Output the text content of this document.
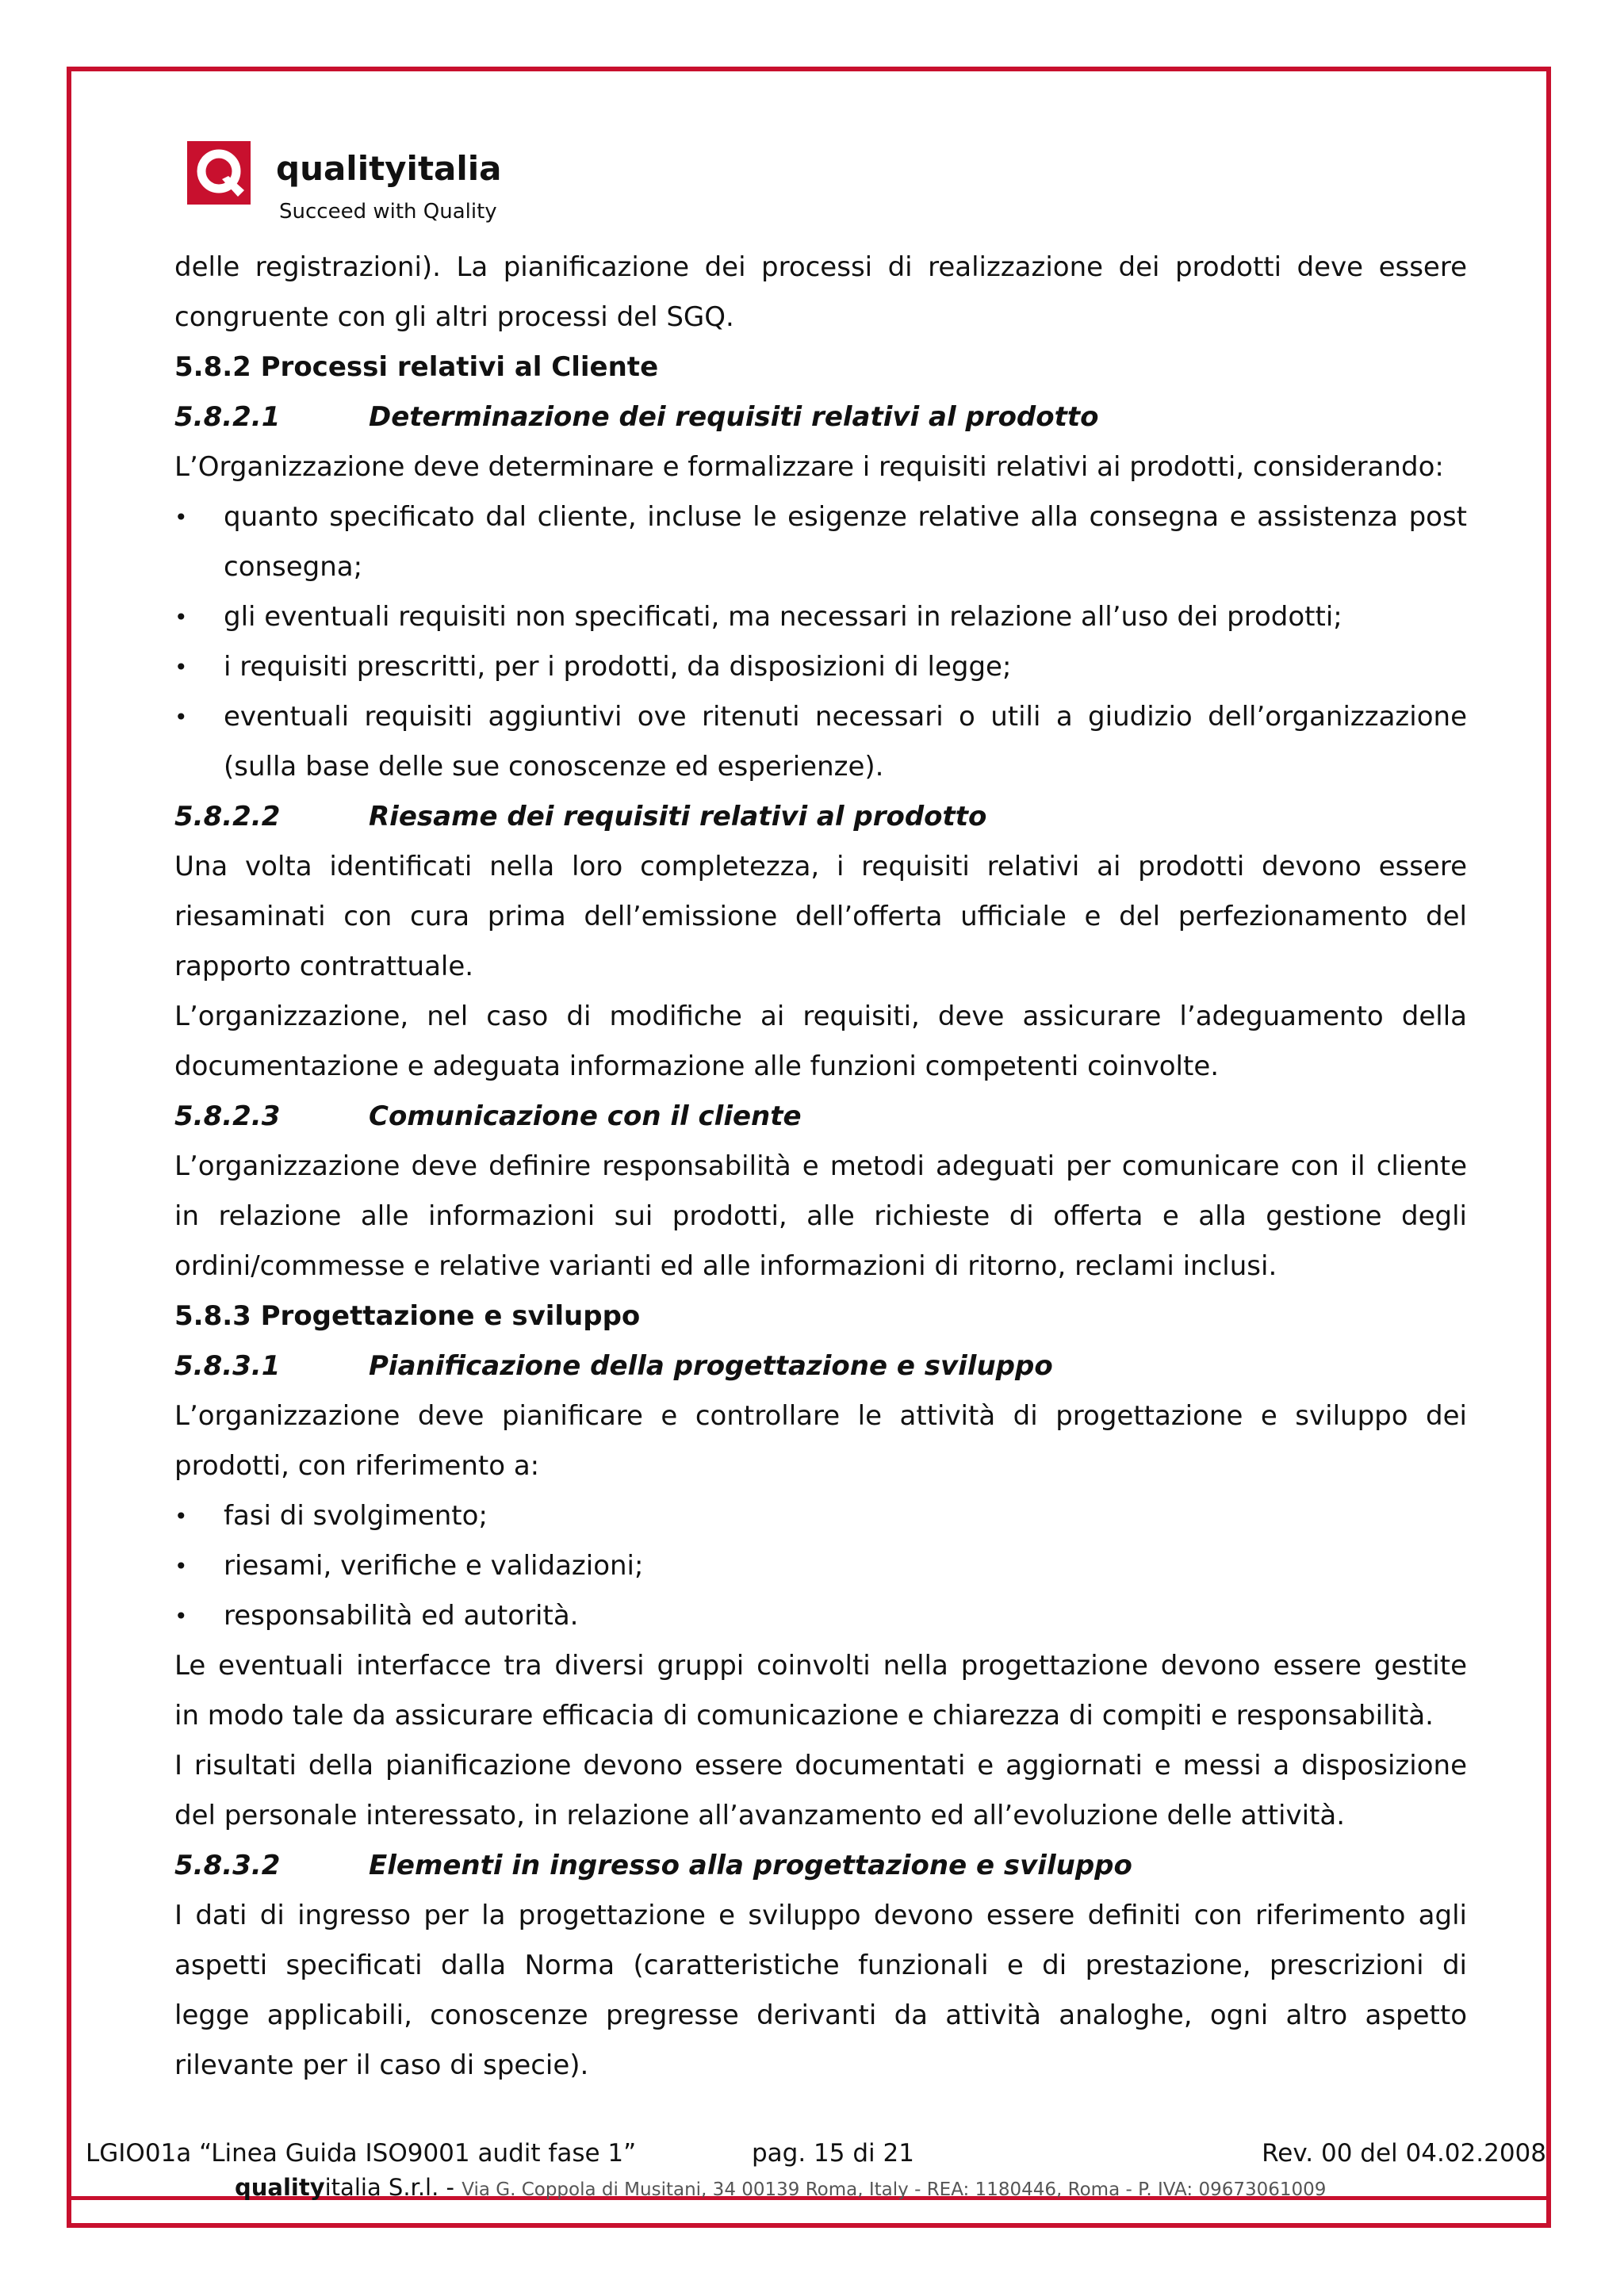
qualityitalia
Succeed with Quality
delle registrazioni). La pianificazione dei processi di realizzazione dei prodotti deve essere
congruente con gli altri processi del SGQ.
5.8.2 Processi relativi al Cliente
5.8.2.1	Determinazione dei requisiti relativi al prodotto
L’Organizzazione deve determinare e formalizzare i requisiti relativi ai prodotti, considerando:
• quanto specificato dal cliente, incluse le esigenze relative alla consegna e assistenza post
consegna;
• gli eventuali requisiti non specificati, ma necessari in relazione all’uso dei prodotti;
• i requisiti prescritti, per i prodotti, da disposizioni di legge;
• eventuali requisiti aggiuntivi ove ritenuti necessari o utili a giudizio dell’organizzazione
(sulla base delle sue conoscenze ed esperienze).
5.8.2.2	Riesame dei requisiti relativi al prodotto
Una volta identificati nella loro completezza, i requisiti relativi ai prodotti devono essere
riesaminati con cura prima dell’emissione dell’offerta ufficiale e del perfezionamento del
rapporto contrattuale.
L’organizzazione, nel caso di modifiche ai requisiti, deve assicurare l’adeguamento della
documentazione e adeguata informazione alle funzioni competenti coinvolte.
5.8.2.3	Comunicazione con il cliente
L’organizzazione deve definire responsabilità e metodi adeguati per comunicare con il cliente
in relazione alle informazioni sui prodotti, alle richieste di offerta e alla gestione degli
ordini/commesse e relative varianti ed alle informazioni di ritorno, reclami inclusi.
5.8.3 Progettazione e sviluppo
5.8.3.1	Pianificazione della progettazione e sviluppo
L’organizzazione deve pianificare e controllare le attività di progettazione e sviluppo dei
prodotti, con riferimento a:
• fasi di svolgimento;
• riesami, verifiche e validazioni;
• responsabilità ed autorità.
Le eventuali interfacce tra diversi gruppi coinvolti nella progettazione devono essere gestite
in modo tale da assicurare efficacia di comunicazione e chiarezza di compiti e responsabilità.
I risultati della pianificazione devono essere documentati e aggiornati e messi a disposizione
del personale interessato, in relazione all’avanzamento ed all’evoluzione delle attività.
5.8.3.2	Elementi in ingresso alla progettazione e sviluppo
I dati di ingresso per la progettazione e sviluppo devono essere definiti con riferimento agli
aspetti specificati dalla Norma (caratteristiche funzionali e di prestazione, prescrizioni di
legge applicabili, conoscenze pregresse derivanti da attività analoghe, ogni altro aspetto
rilevante per il caso di specie).
LGIO01a “Linea Guida ISO9001 audit fase 1”	pag. 15 di 21	Rev. 00 del 04.02.2008
qualityitalia S.r.l. - Via G. Coppola di Musitani, 34 00139 Roma, Italy - REA: 1180446, Roma - P. IVA: 09673061009
